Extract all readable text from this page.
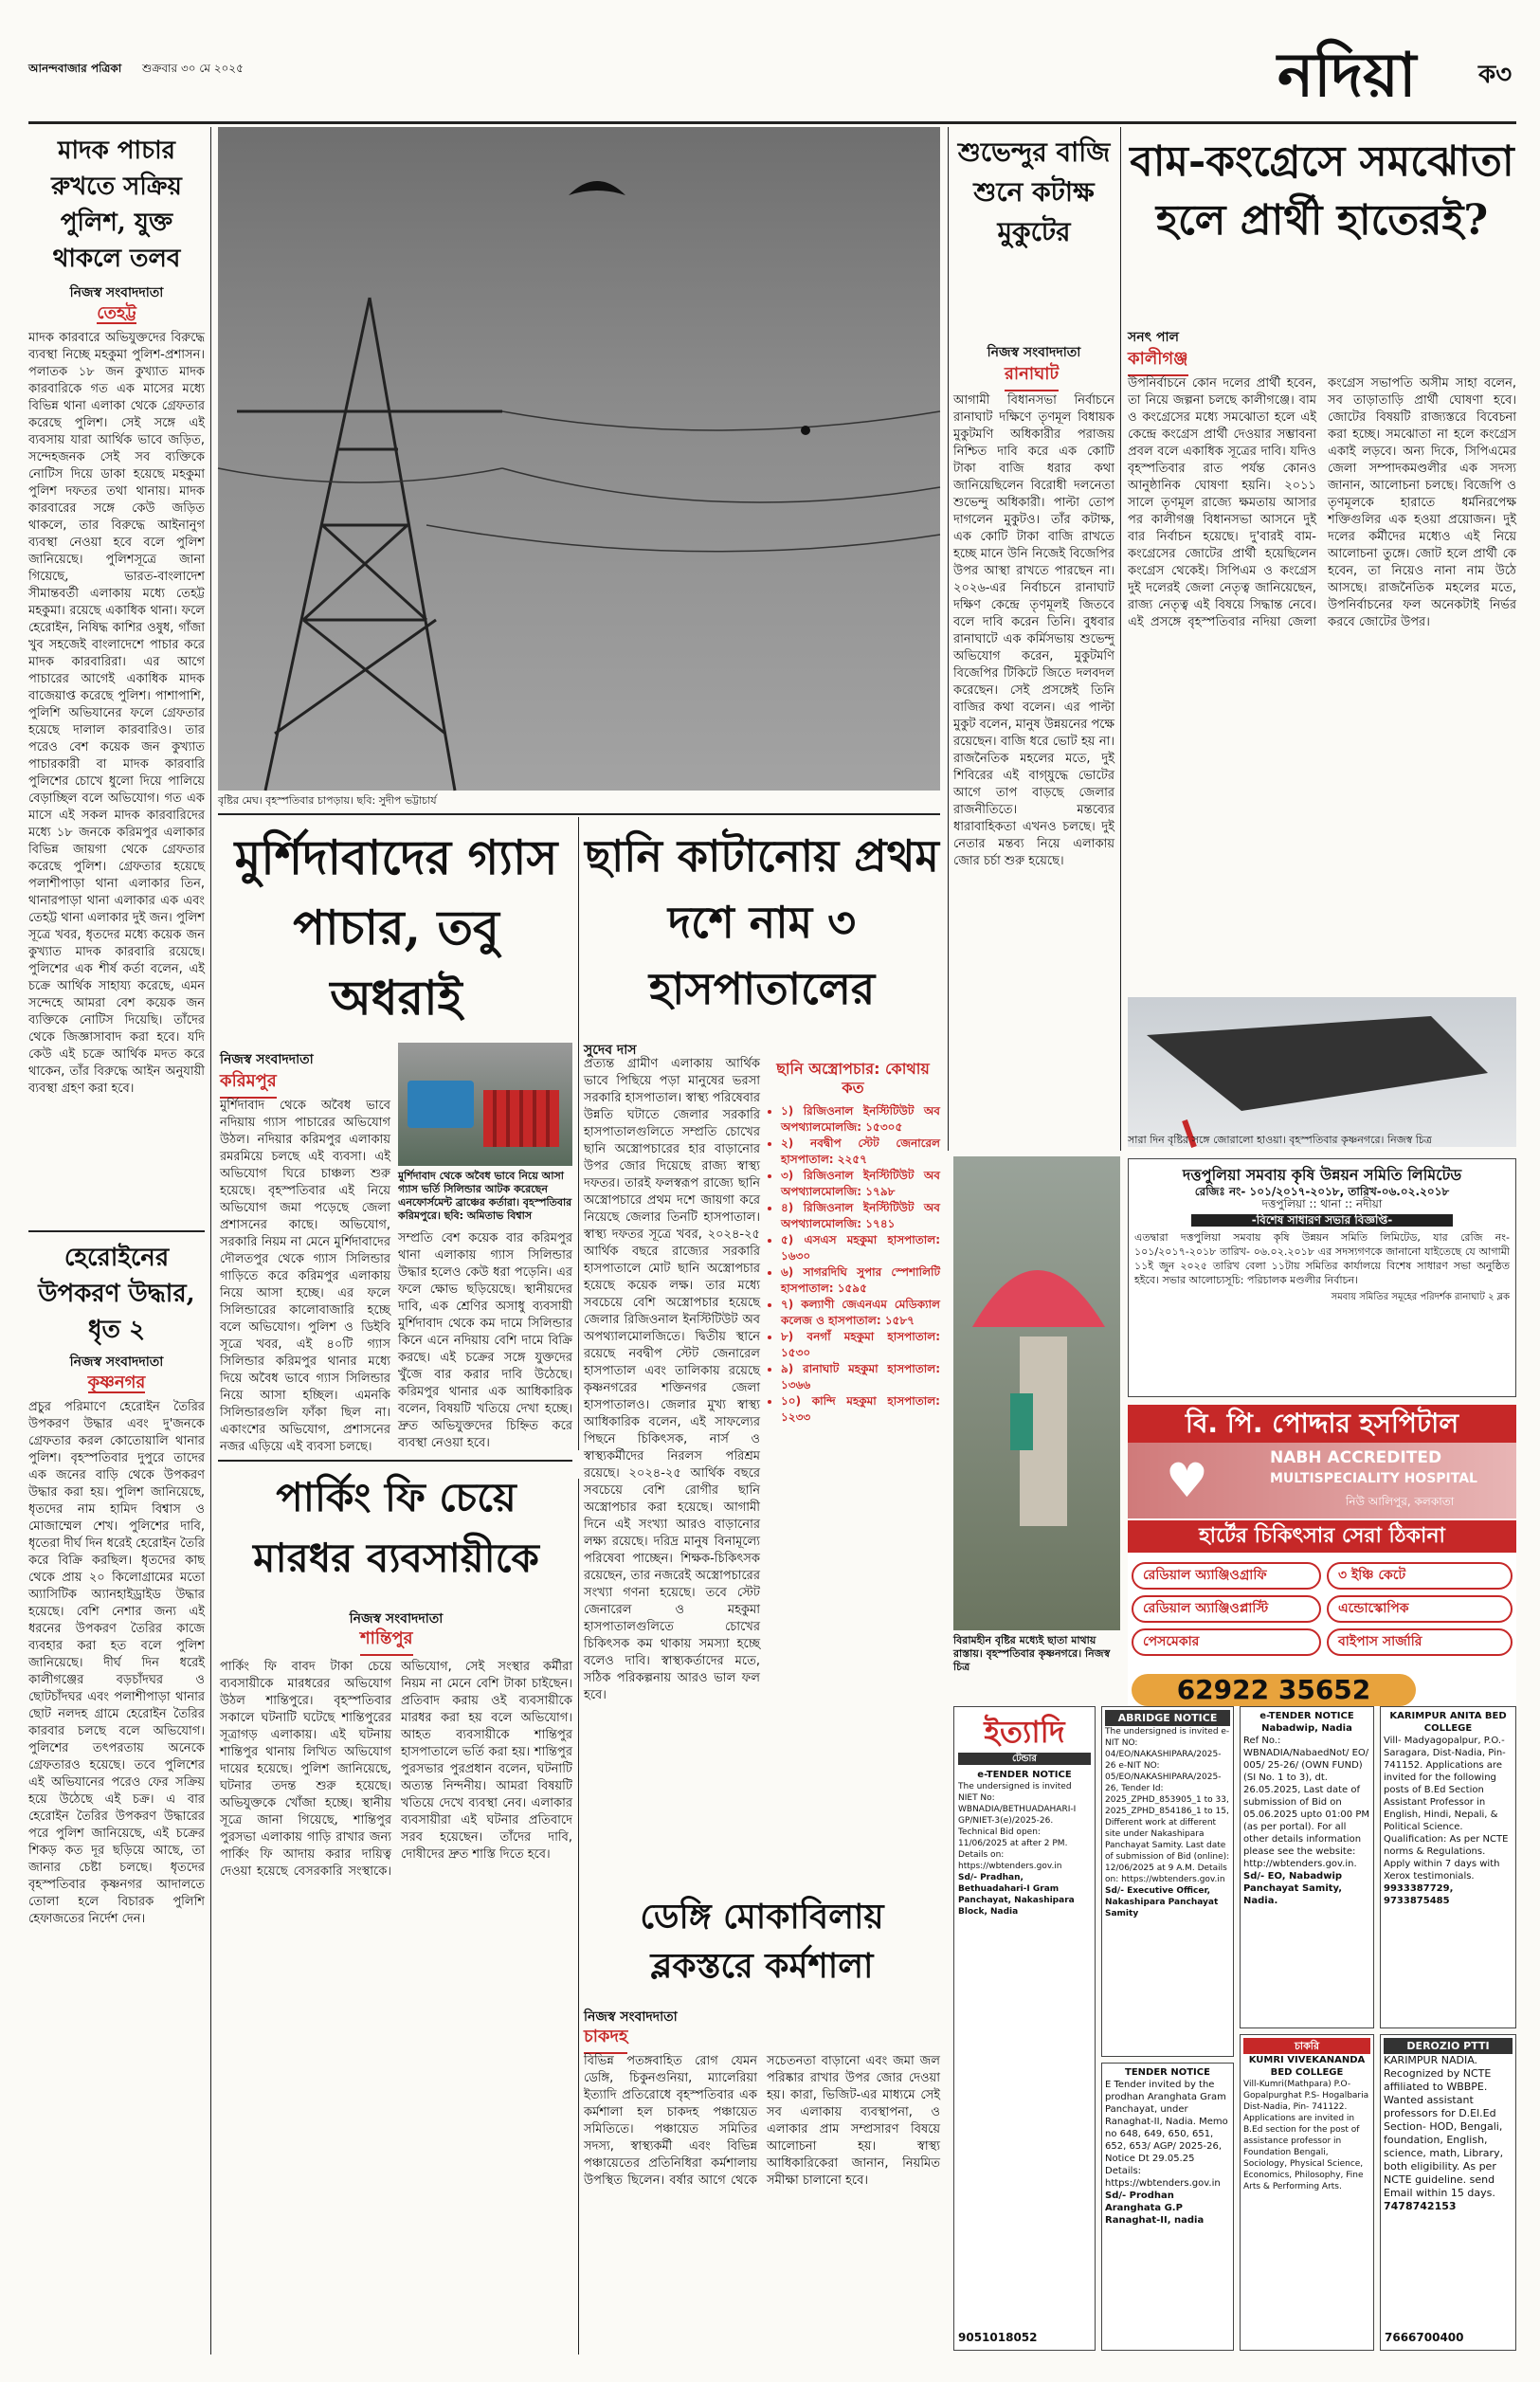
আনন্দবাজার পত্রিকা শুক্রবার ৩০ মে ২০২৫	নদিয়া	ক৩
মাদক পাচার রুখতে সক্রিয় পুলিশ, যুক্ত থাকলে তলব
নিজস্ব সংবাদদাতা
তেহট্ট
মাদক কারবারে অভিযুক্তদের বিরুদ্ধে ব্যবস্থা নিচ্ছে মহকুমা পুলিশ-প্রশাসন। পলাতক ১৮ জন কুখ্যাত মাদক কারবারিকে গত এক মাসের মধ্যে বিভিন্ন থানা এলাকা থেকে গ্রেফতার করেছে পুলিশ। সেই সঙ্গে এই ব্যবসায় যারা আর্থিক ভাবে জড়িত, সন্দেহজনক সেই সব ব্যক্তিকে নোটিস দিয়ে ডাকা হয়েছে মহকুমা পুলিশ দফতর তথা থানায়। মাদক কারবারের সঙ্গে কেউ জড়িত থাকলে, তার বিরুদ্ধে আইনানুগ ব্যবস্থা নেওয়া হবে বলে পুলিশ জানিয়েছে। পুলিশসূত্রে জানা গিয়েছে, ভারত-বাংলাদেশ সীমান্তবর্তী এলাকায় মধ্যে তেহট্ট মহকুমা। রয়েছে একাধিক থানা। ফলে হেরোইন, নিষিদ্ধ কাশির ওষুধ, গাঁজা খুব সহজেই বাংলাদেশে পাচার করে মাদক কারবারিরা। এর আগে পাচারের আগেই একাধিক মাদক বাজেয়াপ্ত করেছে পুলিশ। পাশাপাশি, পুলিশি অভিযানের ফলে গ্রেফতার হয়েছে দালাল কারবারিও। তার পরেও বেশ কয়েক জন কুখ্যাত পাচারকারী বা মাদক কারবারি পুলিশের চোখে ধুলো দিয়ে পালিয়ে বেড়াচ্ছিল বলে অভিযোগ। গত এক মাসে এই সকল মাদক কারবারিদের মধ্যে ১৮ জনকে করিমপুর এলাকার বিভিন্ন জায়গা থেকে গ্রেফতার করেছে পুলিশ। গ্রেফতার হয়েছে পলাশীপাড়া থানা এলাকার তিন, থানারপাড়া থানা এলাকার এক এবং তেহট্ট থানা এলাকার দুই জন। পুলিশ সূত্রে খবর, ধৃতদের মধ্যে কয়েক জন কুখ্যাত মাদক কারবারি রয়েছে। পুলিশের এক শীর্ষ কর্তা বলেন, এই চক্রে আর্থিক সাহায্য করেছে, এমন সন্দেহে আমরা বেশ কয়েক জন ব্যক্তিকে নোটিস দিয়েছি। তাঁদের থেকে জিজ্ঞাসাবাদ করা হবে। যদি কেউ এই চক্রে আর্থিক মদত করে থাকেন, তাঁর বিরুদ্ধে আইন অনুযায়ী ব্যবস্থা গ্রহণ করা হবে।
হেরোইনের উপকরণ উদ্ধার, ধৃত ২
নিজস্ব সংবাদদাতা
কৃষ্ণনগর
প্রচুর পরিমাণে হেরোইন তৈরির উপকরণ উদ্ধার এবং দু'জনকে গ্রেফতার করল কোতোয়ালি থানার পুলিশ। বৃহস্পতিবার দুপুরে তাদের এক জনের বাড়ি থেকে উপকরণ উদ্ধার করা হয়। পুলিশ জানিয়েছে, ধৃতদের নাম হামিদ বিশ্বাস ও মোজাম্মেল শেখ। পুলিশের দাবি, ধৃতেরা দীর্ঘ দিন ধরেই হেরোইন তৈরি করে বিক্রি করছিল। ধৃতদের কাছ থেকে প্রায় ২০ কিলোগ্রামের মতো অ্যাসিটিক অ্যানহাইড্রাইড উদ্ধার হয়েছে। বেশি নেশার জন্য এই ধরনের উপকরণ তৈরির কাজে ব্যবহার করা হত বলে পুলিশ জানিয়েছে। দীর্ঘ দিন ধরেই কালীগঞ্জের বড়চাঁদঘর ও ছোটচাঁদঘর এবং পলাশীপাড়া থানার ছোট নলদহ গ্রামে হেরোইন তৈরির কারবার চলছে বলে অভিযোগ। পুলিশের তৎপরতায় অনেকে গ্রেফতারও হয়েছে। তবে পুলিশের এই অভিযানের পরেও ফের সক্রিয় হয়ে উঠেছে এই চক্র। এ বার হেরোইন তৈরির উপকরণ উদ্ধারের পরে পুলিশ জানিয়েছে, এই চক্রের শিকড় কত দূর ছড়িয়ে আছে, তা জানার চেষ্টা চলছে। ধৃতদের বৃহস্পতিবার কৃষ্ণনগর আদালতে তোলা হলে বিচারক পুলিশি হেফাজতের নির্দেশ দেন।
বৃষ্টির মেঘ। বৃহস্পতিবার চাপড়ায়। ছবি: সুদীপ ভট্টাচার্য
মুর্শিদাবাদের গ্যাস পাচার, তবু অধরাই
নিজস্ব সংবাদদাতা
করিমপুর
মুর্শিদাবাদ থেকে অবৈধ ভাবে নদিয়ায় গ্যাস পাচারের অভিযোগ উঠল। নদিয়ার করিমপুর এলাকায় রমরমিয়ে চলছে এই ব্যবসা। এই অভিযোগ ঘিরে চাঞ্চল্য শুরু হয়েছে। বৃহস্পতিবার এই নিয়ে অভিযোগ জমা পড়েছে জেলা প্রশাসনের কাছে। অভিযোগ, সরকারি নিয়ম না মেনে মুর্শিদাবাদের দৌলতপুর থেকে গ্যাস সিলিন্ডার গাড়িতে করে করিমপুর এলাকায় নিয়ে আসা হচ্ছে। এর ফলে সিলিন্ডারের কালোবাজারি হচ্ছে বলে অভিযোগ। পুলিশ ও ডিইবি সূত্রে খবর, এই ৪০টি গ্যাস সিলিন্ডার করিমপুর থানার মধ্যে দিয়ে অবৈধ ভাবে গ্যাস সিলিন্ডার নিয়ে আসা হচ্ছিল। এমনকি সিলিন্ডারগুলি ফাঁকা ছিল না। একাংশের অভিযোগ, প্রশাসনের নজর এড়িয়ে এই ব্যবসা চলছে।
মুর্শিদাবাদ থেকে অবৈধ ভাবে নিয়ে আসা গ্যাস ভর্তি সিলিন্ডার আটক করেছেন এনফোর্সমেন্ট ব্রাঞ্চের কর্তারা। বৃহস্পতিবার করিমপুরে। ছবি: অমিতাভ বিশ্বাস
সম্প্রতি বেশ কয়েক বার করিমপুর থানা এলাকায় গ্যাস সিলিন্ডার উদ্ধার হলেও কেউ ধরা পড়েনি। এর ফলে ক্ষোভ ছড়িয়েছে। স্থানীয়দের দাবি, এক শ্রেণির অসাধু ব্যবসায়ী মুর্শিদাবাদ থেকে কম দামে সিলিন্ডার কিনে এনে নদিয়ায় বেশি দামে বিক্রি করছে। এই চক্রের সঙ্গে যুক্তদের খুঁজে বার করার দাবি উঠেছে। করিমপুর থানার এক আধিকারিক বলেন, বিষয়টি খতিয়ে দেখা হচ্ছে। দ্রুত অভিযুক্তদের চিহ্নিত করে ব্যবস্থা নেওয়া হবে।
ছানি কাটানোয় প্রথম দশে নাম ৩ হাসপাতালের
সুদেব দাস
প্রত্যন্ত গ্রামীণ এলাকায় আর্থিক ভাবে পিছিয়ে পড়া মানুষের ভরসা সরকারি হাসপাতাল। স্বাস্থ্য পরিষেবার উন্নতি ঘটাতে জেলার সরকারি হাসপাতালগুলিতে সম্প্রতি চোখের ছানি অস্ত্রোপচারের হার বাড়ানোর উপর জোর দিয়েছে রাজ্য স্বাস্থ্য দফতর। তারই ফলস্বরূপ রাজ্যে ছানি অস্ত্রোপচারে প্রথম দশে জায়গা করে নিয়েছে জেলার তিনটি হাসপাতাল। স্বাস্থ্য দফতর সূত্রে খবর, ২০২৪-২৫ আর্থিক বছরে রাজ্যের সরকারি হাসপাতালে মোট ছানি অস্ত্রোপচার হয়েছে কয়েক লক্ষ। তার মধ্যে সবচেয়ে বেশি অস্ত্রোপচার হয়েছে জেলার রিজিওনাল ইনস্টিটিউট অব অপথ্যালমোলজিতে। দ্বিতীয় স্থানে রয়েছে নবদ্বীপ স্টেট জেনারেল হাসপাতাল এবং তালিকায় রয়েছে কৃষ্ণনগরের শক্তিনগর জেলা হাসপাতালও। জেলার মুখ্য স্বাস্থ্য আধিকারিক বলেন, এই সাফল্যের পিছনে চিকিৎসক, নার্স ও স্বাস্থ্যকর্মীদের নিরলস পরিশ্রম রয়েছে। ২০২৪-২৫ আর্থিক বছরে সবচেয়ে বেশি রোগীর ছানি অস্ত্রোপচার করা হয়েছে। আগামী দিনে এই সংখ্যা আরও বাড়ানোর লক্ষ্য রয়েছে। দরিদ্র মানুষ বিনামূল্যে পরিষেবা পাচ্ছেন। শিক্ষক-চিকিৎসক রয়েছেন, তার নজরেই অস্ত্রোপচারের সংখ্যা গণনা হয়েছে। তবে স্টেট জেনারেল ও মহকুমা হাসপাতালগুলিতে চোখের চিকিৎসক কম থাকায় সমস্যা হচ্ছে বলেও দাবি। স্বাস্থ্যকর্তাদের মতে, সঠিক পরিকল্পনায় আরও ভাল ফল হবে।
ছানি অস্ত্রোপচার: কোথায় কত
• ১) রিজিওনাল ইনস্টিটিউট অব অপথ্যালমোলজি: ১৫৩০৫
• ২) নবদ্বীপ স্টেট জেনারেল হাসপাতাল: ২২৫৭
• ৩) রিজিওনাল ইনস্টিটিউট অব অপথ্যালমোলজি: ১৭৯৮
• ৪) রিজিওনাল ইনস্টিটিউট অব অপথ্যালমোলজি: ১৭৪১
• ৫) এসএস মহকুমা হাসপাতাল: ১৬৩০
• ৬) সাগরদিঘি সুপার স্পেশালিটি হাসপাতাল: ১৫৯৫
• ৭) কল্যাণী জেএনএম মেডিক্যাল কলেজ ও হাসপাতাল: ১৫৮৭
• ৮) বনগাঁ মহকুমা হাসপাতাল: ১৫৩০
• ৯) রানাঘাট মহকুমা হাসপাতাল: ১৩৬৬
• ১০) কান্দি মহকুমা হাসপাতাল: ১২৩৩
শুভেন্দুর বাজি শুনে কটাক্ষ মুকুটের
নিজস্ব সংবাদদাতা
রানাঘাট
আগামী বিধানসভা নির্বাচনে রানাঘাট দক্ষিণে তৃণমূল বিধায়ক মুকুটমণি অধিকারীর পরাজয় নিশ্চিত দাবি করে এক কোটি টাকা বাজি ধরার কথা জানিয়েছিলেন বিরোধী দলনেতা শুভেন্দু অধিকারী। পাল্টা তোপ দাগলেন মুকুটও। তাঁর কটাক্ষ, এক কোটি টাকা বাজি রাখতে হচ্ছে মানে উনি নিজেই বিজেপির উপর আস্থা রাখতে পারছেন না। ২০২৬-এর নির্বাচনে রানাঘাট দক্ষিণ কেন্দ্রে তৃণমূলই জিতবে বলে দাবি করেন তিনি। বুধবার রানাঘাটে এক কর্মিসভায় শুভেন্দু অভিযোগ করেন, মুকুটমণি বিজেপির টিকিটে জিতে দলবদল করেছেন। সেই প্রসঙ্গেই তিনি বাজির কথা বলেন। এর পাল্টা মুকুট বলেন, মানুষ উন্নয়নের পক্ষে রয়েছেন। বাজি ধরে ভোট হয় না। রাজনৈতিক মহলের মতে, দুই শিবিরের এই বাগ্‌যুদ্ধে ভোটের আগে তাপ বাড়ছে জেলার রাজনীতিতে। মন্তব্যের ধারাবাহিকতা এখনও চলছে। দুই নেতার মন্তব্য নিয়ে এলাকায় জোর চর্চা শুরু হয়েছে।
বাম-কংগ্রেসে সমঝোতা হলে প্রার্থী হাতেরই?
সনৎ পাল
কালীগঞ্জ
উপনির্বাচনে কোন দলের প্রার্থী হবেন, তা নিয়ে জল্পনা চলছে কালীগঞ্জে। বাম ও কংগ্রেসের মধ্যে সমঝোতা হলে এই কেন্দ্রে কংগ্রেস প্রার্থী দেওয়ার সম্ভাবনা প্রবল বলে একাধিক সূত্রের দাবি। যদিও বৃহস্পতিবার রাত পর্যন্ত কোনও আনুষ্ঠানিক ঘোষণা হয়নি। ২০১১ সালে তৃণমূল রাজ্যে ক্ষমতায় আসার পর কালীগঞ্জ বিধানসভা আসনে দুই বার নির্বাচন হয়েছে। দু'বারই বাম-কংগ্রেসের জোটের প্রার্থী হয়েছিলেন কংগ্রেস থেকেই। সিপিএম ও কংগ্রেস দুই দলেরই জেলা নেতৃত্ব জানিয়েছেন, রাজ্য নেতৃত্ব এই বিষয়ে সিদ্ধান্ত নেবে। এই প্রসঙ্গে বৃহস্পতিবার নদিয়া জেলা কংগ্রেস সভাপতি অসীম সাহা বলেন, সব তাড়াতাড়ি প্রার্থী ঘোষণা হবে। জোটের বিষয়টি রাজ্যস্তরে বিবেচনা করা হচ্ছে। সমঝোতা না হলে কংগ্রেস একাই লড়বে। অন্য দিকে, সিপিএমের জেলা সম্পাদকমণ্ডলীর এক সদস্য জানান, আলোচনা চলছে। বিজেপি ও তৃণমূলকে হারাতে ধর্মনিরপেক্ষ শক্তিগুলির এক হওয়া প্রয়োজন। দুই দলের কর্মীদের মধ্যেও এই নিয়ে আলোচনা তুঙ্গে। জোট হলে প্রার্থী কে হবেন, তা নিয়েও নানা নাম উঠে আসছে। রাজনৈতিক মহলের মতে, উপনির্বাচনের ফল অনেকটাই নির্ভর করবে জোটের উপর।
সারা দিন বৃষ্টির সঙ্গে জোরালো হাওয়া। বৃহস্পতিবার কৃষ্ণনগরে। নিজস্ব চিত্র
বিরামহীন বৃষ্টির মধ্যেই ছাতা মাথায় রাস্তায়। বৃহস্পতিবার কৃষ্ণনগরে। নিজস্ব চিত্র
দত্তপুলিয়া সমবায় কৃষি উন্নয়ন সমিতি লিমিটেড
রেজিঃ নং- ১০১/২০১৭-২০১৮, তারিখ-০৬.০২.২০১৮
দত্তপুলিয়া :: থানা :: নদীয়া
-বিশেষ সাধারণ সভার বিজ্ঞপ্তি-
এতদ্বারা দত্তপুলিয়া সমবায় কৃষি উন্নয়ন সমিতি লিমিটেড, যার রেজি নং- ১০১/২০১৭-২০১৮ তারিখ- ০৬.০২.২০১৮ এর সদস্যগণকে জানানো যাইতেছে যে আগামী ১১ই জুন ২০২৫ তারিখ বেলা ১১টায় সমিতির কার্যালয়ে বিশেষ সাধারণ সভা অনুষ্ঠিত হইবে। সভার আলোচ্যসূচি: পরিচালক মণ্ডলীর নির্বাচন।
সমবায় সমিতির সমূহের পরিদর্শক রানাঘাট ২ ব্লক
বি. পি. পোদ্দার হসপিটাল
NABH ACCREDITED
MULTISPECIALITY HOSPITAL
নিউ আলিপুর, কলকাতা
♥
হার্টের চিকিৎসার সেরা ঠিকানা
রেডিয়াল অ্যাঞ্জিওগ্রাফি
রেডিয়াল অ্যাঞ্জিওপ্লাস্টি
পেসমেকার
৩ ইঞ্চি কেটে
এন্ডোস্কোপিক
বাইপাস সার্জারি
62922 35652
পার্কিং ফি চেয়ে মারধর ব্যবসায়ীকে
নিজস্ব সংবাদদাতা
শান্তিপুর
পার্কিং ফি বাবদ টাকা চেয়ে ব্যবসায়ীকে মারধরের অভিযোগ উঠল শান্তিপুরে। বৃহস্পতিবার সকালে ঘটনাটি ঘটেছে শান্তিপুরের সূত্রাগড় এলাকায়। এই ঘটনায় শান্তিপুর থানায় লিখিত অভিযোগ দায়ের হয়েছে। পুলিশ জানিয়েছে, ঘটনার তদন্ত শুরু হয়েছে। অভিযুক্তকে খোঁজা হচ্ছে। স্থানীয় সূত্রে জানা গিয়েছে, শান্তিপুর পুরসভা এলাকায় গাড়ি রাখার জন্য পার্কিং ফি আদায় করার দায়িত্ব দেওয়া হয়েছে বেসরকারি সংস্থাকে। অভিযোগ, সেই সংস্থার কর্মীরা নিয়ম না মেনে বেশি টাকা চাইছেন। প্রতিবাদ করায় ওই ব্যবসায়ীকে মারধর করা হয় বলে অভিযোগ। আহত ব্যবসায়ীকে শান্তিপুর হাসপাতালে ভর্তি করা হয়। শান্তিপুর পুরসভার পুরপ্রধান বলেন, ঘটনাটি অত্যন্ত নিন্দনীয়। আমরা বিষয়টি খতিয়ে দেখে ব্যবস্থা নেব। এলাকার ব্যবসায়ীরা এই ঘটনার প্রতিবাদে সরব হয়েছেন। তাঁদের দাবি, দোষীদের দ্রুত শাস্তি দিতে হবে।
ডেঙ্গি মোকাবিলায় ব্লকস্তরে কর্মশালা
নিজস্ব সংবাদদাতা
চাকদহ
বিভিন্ন পতঙ্গবাহিত রোগ যেমন ডেঙ্গি, চিকুনগুনিয়া, ম্যালেরিয়া ইত্যাদি প্রতিরোধে বৃহস্পতিবার এক কর্মশালা হল চাকদহ পঞ্চায়েত সমিতিতে। পঞ্চায়েত সমিতির সদস্য, স্বাস্থ্যকর্মী এবং বিভিন্ন পঞ্চায়েতের প্রতিনিধিরা কর্মশালায় উপস্থিত ছিলেন। বর্ষার আগে থেকে সচেতনতা বাড়ানো এবং জমা জল পরিষ্কার রাখার উপর জোর দেওয়া হয়। কারা, ভিজিট-এর মাধ্যমে সেই সব এলাকায় ব্যবস্থাপনা, ও এলাকার প্রাম সম্প্রসারণ বিষয়ে আলোচনা হয়। স্বাস্থ্য আধিকারিকেরা জানান, নিয়মিত সমীক্ষা চালানো হবে।
ইত্যাদি
টেন্ডার
e-TENDER NOTICE
The undersigned is invited NIET No: WBNADIA/BETHUADAHARI-I GP/NIET-3(e)/2025-26. Technical Bid open: 11/06/2025 at after 2 PM. Details on: https://wbtenders.gov.in
Sd/- Pradhan, Bethuadahari-I Gram Panchayat, Nakashipara Block, Nadia
9051018052
ABRIDGE NOTICE
The undersigned is invited e-NIT NO: 04/EO/NAKASHIPARA/2025-26 e-NIT NO: 05/EO/NAKASHIPARA/2025-26, Tender Id: 2025_ZPHD_853905_1 to 33, 2025_ZPHD_854186_1 to 15, Different work at different site under Nakashipara Panchayat Samity. Last date of submission of Bid (online): 12/06/2025 at 9 A.M. Details on: https://wbtenders.gov.in
Sd/- Executive Officer, Nakashipara Panchayat Samity
TENDER NOTICE
E Tender invited by the prodhan Aranghata Gram Panchayat, under Ranaghat-II, Nadia. Memo no 648, 649, 650, 651, 652, 653/ AGP/ 2025-26, Notice Dt 29.05.25 Details: https://wbtenders.gov.in
Sd/- Prodhan Aranghata G.P Ranaghat-II, nadia
e-TENDER NOTICE Nabadwip, Nadia
Ref No.: WBNADIA/NabaedNot/ EO/ 005/ 25-26/ (OWN FUND)(SI No. 1 to 3), dt. 26.05.2025, Last date of submission of Bid on 05.06.2025 upto 01:00 PM (as per portal). For all other details information please see the website: http://wbtenders.gov.in.
Sd/- EO, Nabadwip Panchayat Samity, Nadia.
চাকরি
KUMRI VIVEKANANDA BED COLLEGE
Vill-Kumri(Mathpara) P.O- Gopalpurghat P.S- Hogalbaria Dist-Nadia, Pin- 741122. Applications are invited in B.Ed section for the post of assistance professor in Foundation Bengali, Sociology, Physical Science, Economics, Philosophy, Fine Arts & Performing Arts.
KARIMPUR ANITA BED COLLEGE
Vill- Madyagopalpur, P.O.- Saragara, Dist-Nadia, Pin-741152. Applications are invited for the following posts of B.Ed Section Assistant Professor in English, Hindi, Nepali, & Political Science. Qualification: As per NCTE norms & Regulations. Apply within 7 days with Xerox testimonials.
9933387729, 9733875485
DEROZIO PTTI
KARIMPUR NADIA. Recognized by NCTE affiliated to WBBPE. Wanted assistant professors for D.El.Ed Section- HOD, Bengali, foundation, English, science, math, Library, both eligibility. As per NCTE guideline. send Email within 15 days.
7478742153
7666700400
